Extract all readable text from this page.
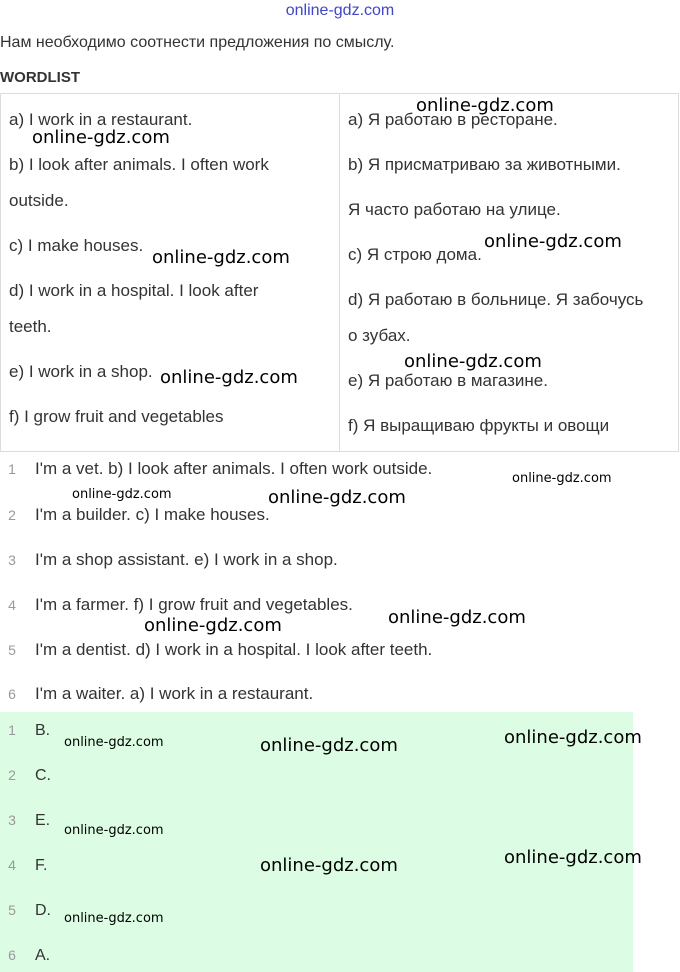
online-gdz.com
Нам необходимо соотнести предложения по смыслу.
WORDLIST
a) I work in a restaurant.
b) I look after animals. I often work
outside.
c) I make houses.
d) I work in a hospital. I look after
teeth.
e) I work in a shop.
f) I grow fruit and vegetables
a) Я работаю в ресторане.
b) Я присматриваю за животными.
Я часто работаю на улице.
c) Я строю дома.
d) Я работаю в больнице. Я забочусь
о зубах.
e) Я работаю в магазине.
f) Я выращиваю фрукты и овощи
1 I'm a vet. b) I look after animals. I often work outside.
2 I'm a builder. c) I make houses.
3 I'm a shop assistant. e) I work in a shop.
4 I'm a farmer. f) I grow fruit and vegetables.
5 I'm a dentist. d) I work in a hospital. I look after teeth.
6 I'm a waiter. a) I work in a restaurant.
1 B.
2 C.
3 E.
4 F.
5 D.
6 A.
online-gdz.com
online-gdz.com
online-gdz.com
online-gdz.com
online-gdz.com
online-gdz.com
online-gdz.com
online-gdz.com	online-gdz.com
online-gdz.com
online-gdz.com
online-gdz.com
online-gdz.com	online-gdz.com
online-gdz.com
online-gdz.com
online-gdz.com
online-gdz.com
